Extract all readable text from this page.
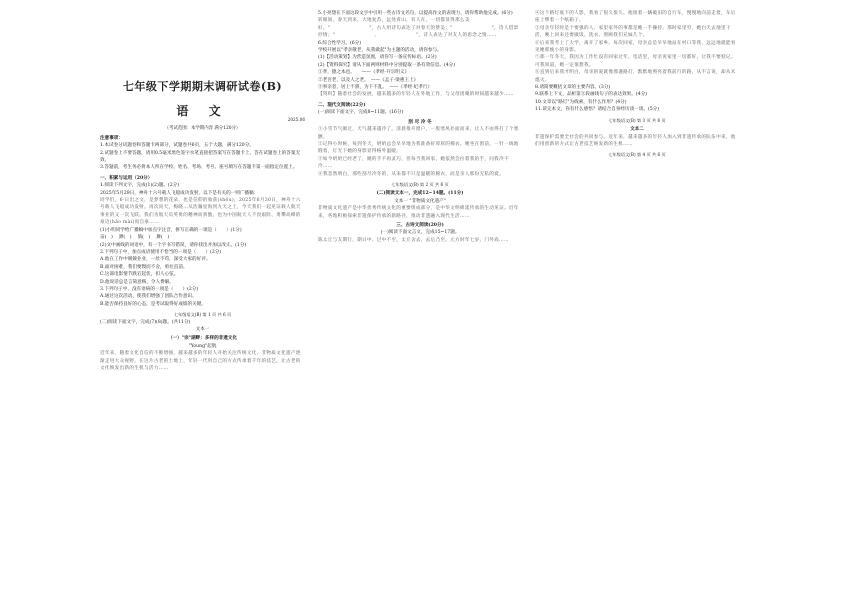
七年级下学期期末调研试卷(B)
语 文
2025.06
（考试范围：本学期内容 满分120分）
注意事项：

1.本试卷分试题卷和答题卡两部分，试题卷共6页，五个大题，满分120分。

2.试题卷上不要答题，请用0.5毫米黑色签字水笔直接把答案写在答题卡上，答在试题卷上的答案无效。

3.答题前，考生务必将本人所在学校、姓名、考场、考号、座号填写在答题卡第一面指定位置上。

一、积累与运用（20分）

1.阅读下列文字，完成(1)(2)题。(2分)

2025年5月29日，神舟十六号载人飞船成功发射，以下是有关的一则广播稿：

同学们，6·日出之文，是梦想的花朵，也是信仰的收获(shōu)，2025年6月30日，神舟十六号载人飞船成功发射。再次问天，梅晓…从浩瀚星海到九天之上，今天我们一起见证载人航天事业的又一次飞跃。我们为航天员英勇的精神而骄傲，也为中国航天人不畏艰险、勇攀高峰的豪迈(hào mài)而自豪……

(1)小明同学给广播稿中加点字注音，拼写正确的一项是（　　）(1分)

奋(　) 渺(　) 旅(　) 舞(　)

(2)文中画线的词语中，有一个字书写错误，请你找出并加以改正。(1分)

2.下列句子中，加点成语使用不恰当的一项是（　　）(2分)

A.他在工作中兢兢业业，一丝不苟，深受大家的好评。

B.面对困难，我们要锲而不舍，勇往直前。

C.这部电影情节跌宕起伏，扣人心弦。

D.他说话总是言简意赅，令人费解。

3.下列句子中，没有语病的一项是（　　）(2分)

A.通过这次活动，使我们增强了团队合作意识。

B.能否保持良好的心态，是考试取得好成绩的关键。

七年级语文(B) 第 1 页 共 6 页

(二)阅读下面文字，完成(7)(8)题。(共11分)

文本一
（一）"宗"湖畔：多样的非遗文化
"Young"起航

近年来，随着文化自信的不断增强，越来越多的年轻人开始关注传统文化，非物质文化遗产逐渐走进大众视野。在这片古老的土地上，年轻一代用自己的方式传承着千年的技艺，让古老的文化焕发出新的生机与活力……

5.小亮想在下面这段文字中引用一些古诗文名句，以提高作文的表现力，请你帮助他完成。(6分)

转眼间，春天到来，大地复苏，远处青山，有人在，一切都显得那么美好。"　　　　　　　　"，古人用诗句表达了对春天的赞美；"　　　　　　　　"，诗人借景抒情；"　　　　　　　　，　　　　　　　　"，诗人表达了对友人的思念之情……

6.综合性学习。(6分)

学校开展以"孝亲敬老，从我做起"为主题的活动，请你参与。

(1)【活动策划】为营造氛围，请你写一条宣传标语。(2分)

(2)【资料探究】请从下面两则材料中分别提取一条有效信息。(4分)

①孝，德之本也。　　——《孝经·开宗明义》

②老吾老，以及人之老。　——《孟子·梁惠王上》

③事亲者，居上不骄，为下不乱。　——《孝经·纪孝行》

【资料】随着社会的发展，越来越多的年轻人在外地工作，与父母团聚的时间越来越少……

二、现代文阅读(22分)

(一)阅读下面文字，完成8~11题。(16分)

刮 尽 冷 冬

①小雪节气刚过，天气越来越冷了。清晨推开窗户，一股寒风扑面而来，让人不由得打了个寒颤。

②记得小时候，每到冬天，奶奶总会早早地为我准备好厚厚的棉衣。她坐在窗前，一针一线地缝着，灯光下她的身影显得格外温暖。

③如今奶奶已经老了，她的手不再灵巧，但每当我回家，她依然会拉着我的手，问我冷不冷……

④我忽然明白，那些刮尽冷冬的，从来都不只是温暖的棉衣，而是亲人那份无私的爱。

七年级语文(B) 第 2 页 共 6 页
(二)阅读文本一，完成12~14题。(11分)
文本一 "非物质文化遗产"

非物质文化遗产是中华优秀传统文化的重要组成部分，是中华文明绵延传承的生动见证。近年来，各地积极探索非遗保护传承的新路径，推动非遗融入现代生活……

三、古诗文阅读(20分)
(一)阅读下面文言文，完成15~17题。

陈太丘与友期行，期日中。过中不至，太丘舍去，去后乃至。元方时年七岁，门外戏……

④这个路灯底下的人影，我看了很久很久。他推着一辆破旧的自行车，慢慢地向前走着，车后座上绑着一个纸箱子。

⑤母亲年轻时是个要强的人，家里家外的事都是她一手操持。那时家里穷，她白天去地里干活，晚上回来还要做饭、洗衣、照顾我们兄妹几个。

⑥后来我考上了大学，离开了家乡。每次回家，母亲总是早早地站在村口等我，远远地就能看见她那瘦小的身影。

⑦那一年冬天，我因为工作忙没有回家过年。电话里，母亲说家里一切都好，让我不要惦记。可我知道，她一定很想我。

⑧直到后来我才明白，母亲的爱就像那盏路灯，默默地照亮着我前行的路，从不言说，却从未熄灭。

8.请简要概括文章的主要内容。(3分)

9.联系上下文，品析第⑤段画线句子的表达效果。(4分)

10.文章以"路灯"为线索，有什么作用？(4分)

11.读完本文，你有什么感悟？请结合自身经历谈一谈。(5分)

七年级语文(B) 第 3 页 共 6 页
文本二

非遗保护需要全社会的共同参与。近年来，越来越多的年轻人加入到非遗传承的队伍中来，他们用创新的方式让古老技艺焕发新的生机……

七年级语文(B) 第 4 页 共 6 页
